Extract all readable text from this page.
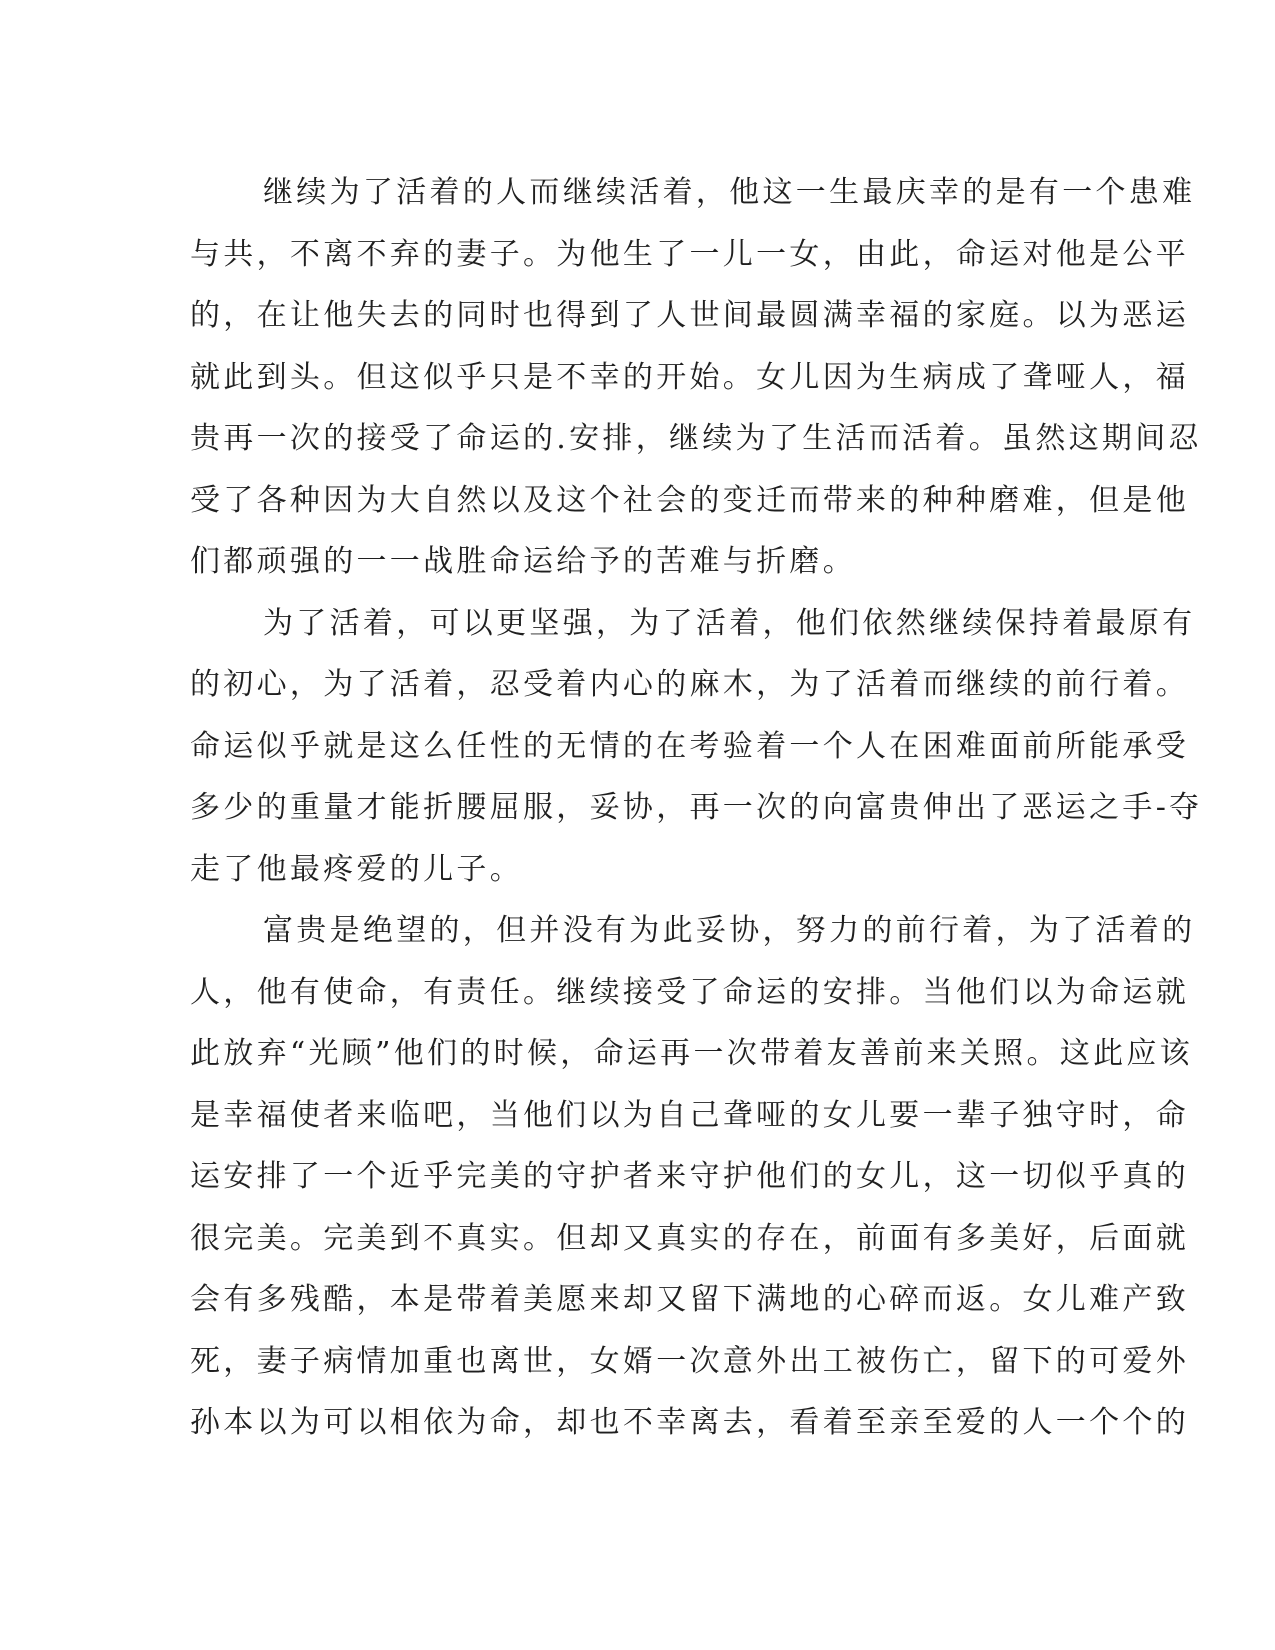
继续为了活着的人而继续活着，他这一生最庆幸的是有一个患难
与共，不离不弃的妻子。为他生了一儿一女，由此，命运对他是公平
的，在让他失去的同时也得到了人世间最圆满幸福的家庭。以为恶运
就此到头。但这似乎只是不幸的开始。女儿因为生病成了聋哑人，福
贵再一次的接受了命运的.安排，继续为了生活而活着。虽然这期间忍
受了各种因为大自然以及这个社会的变迁而带来的种种磨难，但是他
们都顽强的一一战胜命运给予的苦难与折磨。
为了活着，可以更坚强，为了活着，他们依然继续保持着最原有
的初心，为了活着，忍受着内心的麻木，为了活着而继续的前行着。
命运似乎就是这么任性的无情的在考验着一个人在困难面前所能承受
多少的重量才能折腰屈服，妥协，再一次的向富贵伸出了恶运之手-夺
走了他最疼爱的儿子。
富贵是绝望的，但并没有为此妥协，努力的前行着，为了活着的
人，他有使命，有责任。继续接受了命运的安排。当他们以为命运就
此放弃“光顾”他们的时候，命运再一次带着友善前来关照。这此应该
是幸福使者来临吧，当他们以为自己聋哑的女儿要一辈子独守时，命
运安排了一个近乎完美的守护者来守护他们的女儿，这一切似乎真的
很完美。完美到不真实。但却又真实的存在，前面有多美好，后面就
会有多残酷，本是带着美愿来却又留下满地的心碎而返。女儿难产致
死，妻子病情加重也离世，女婿一次意外出工被伤亡，留下的可爱外
孙本以为可以相依为命，却也不幸离去，看着至亲至爱的人一个个的
